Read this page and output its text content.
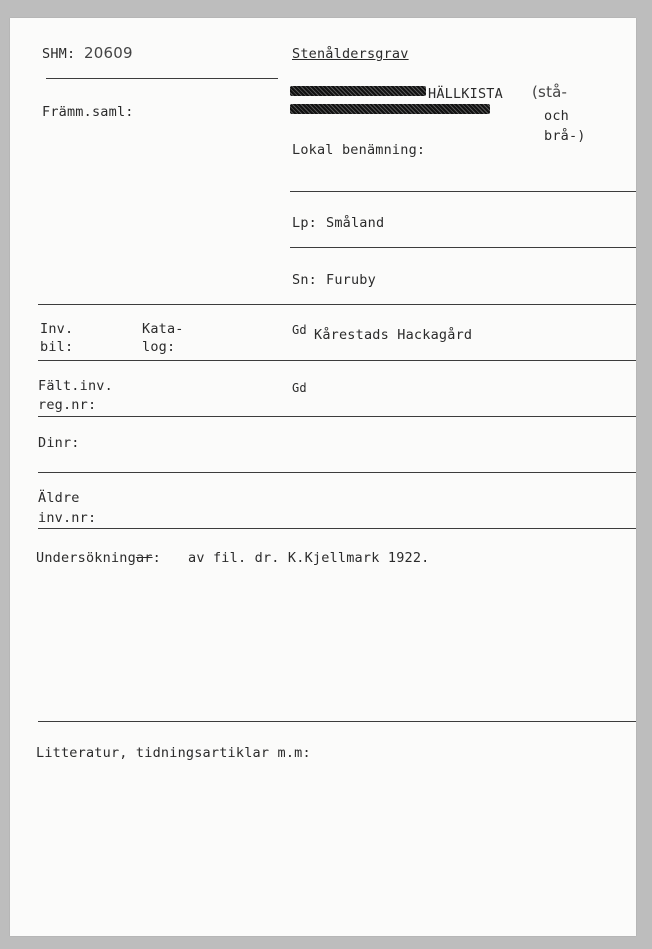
SHM: 20609	Stenåldersgrav
HÄLLKISTA (stå-
och
brå-)
Främm.saml:
Lokal benämning:
Lp: Småland
Sn: Furuby
Inv.
bil:
Kata-
log:
Gd Kårestads Hackagård
Fält.inv.
reg.nr:
Gd
Dinr:
Äldre
inv.nr:
Undersökningar: av fil. dr. K.Kjellmark 1922.
Litteratur, tidningsartiklar m.m:
